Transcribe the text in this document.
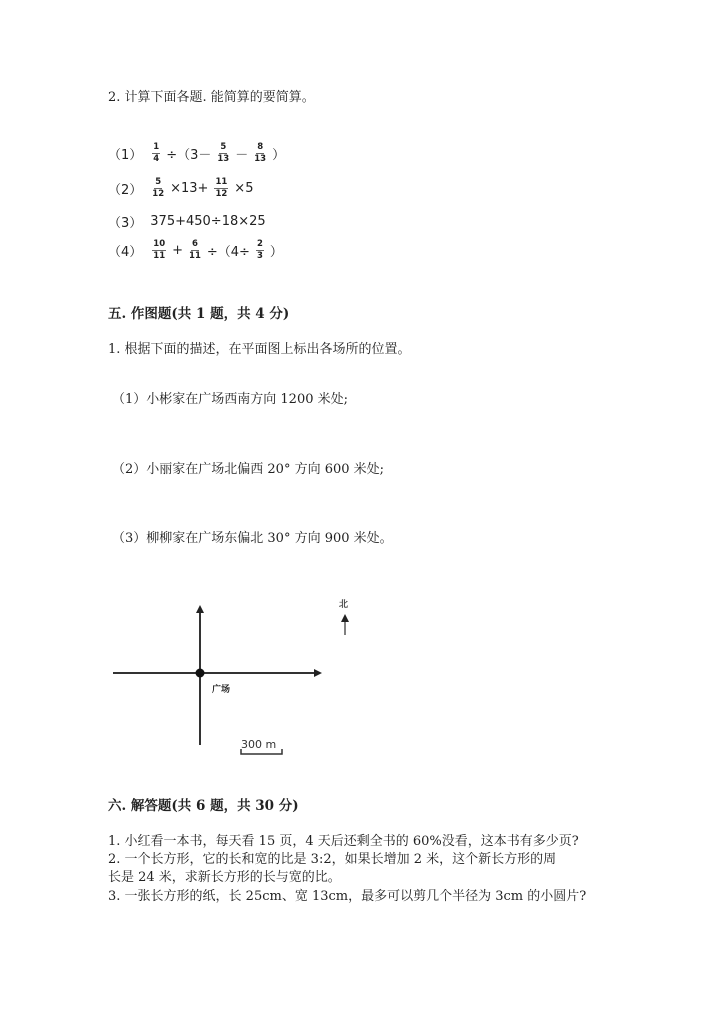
2. 计算下面各题. 能简算的要简算。
$(1) \frac{1}{4} \div(3- \frac{5}{13} - \frac{8}{13}$ ）
$(2) \frac{5}{12} \times 13+ \frac{11}{12} \times 5$
（3） 375+450÷18×25
$(4) \frac{10}{11} + \frac{6}{11} \div(4\div \frac{2}{3}$ ）
五. 作图题(共 1 题，共 4 分)
1. 根据下面的描述，在平面图上标出各场所的位置。
（1）小彬家在广场西南方向 1200 米处;
（2）小丽家在广场北偏西 20° 方向 600 米处;
（3）柳柳家在广场东偏北 30° 方向 900 米处。
广场
北
300 m
六. 解答题(共 6 题，共 30 分)
1. 小红看一本书，每天看 15 页，4 天后还剩全书的 60%没看，这本书有多少页?
2. 一个长方形，它的长和宽的比是 3:2，如果长增加 2 米，这个新长方形的周
长是 24 米，求新长方形的长与宽的比。
3. 一张长方形的纸，长 25cm、宽 13cm，最多可以剪几个半径为 3cm 的小圆片?
